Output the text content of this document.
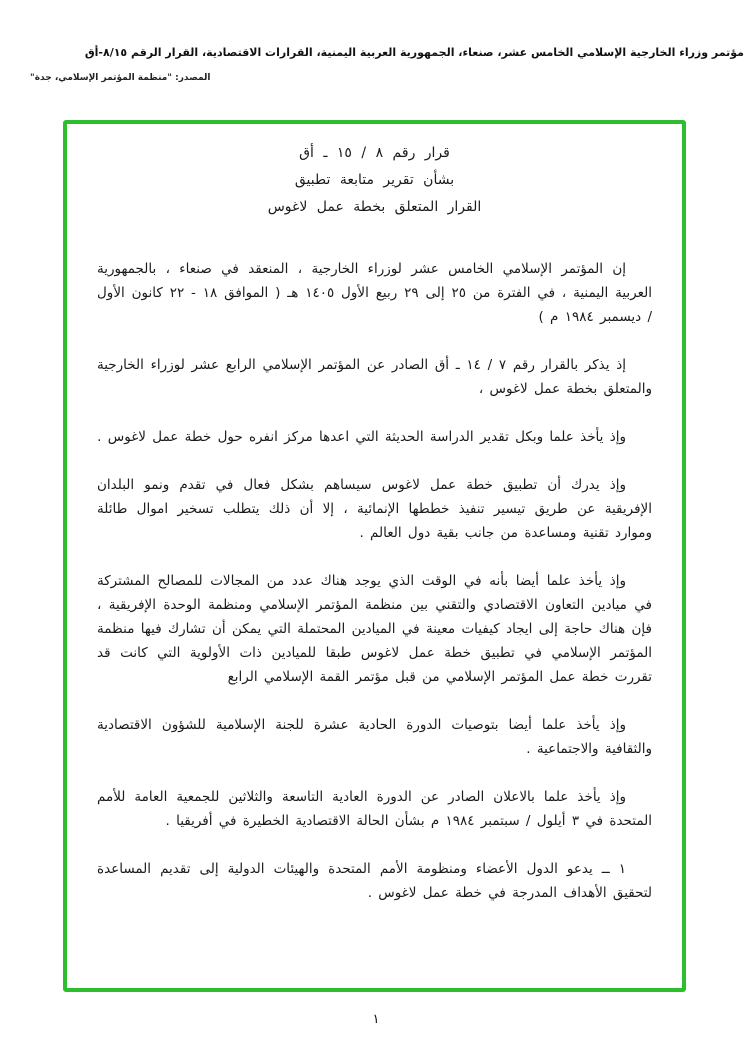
مؤتمر وزراء الخارجية الإسلامي الخامس عشر، صنعاء، الجمهورية العربية اليمنية، القرارات الاقتصادية، القرار الرقم ٨/١٥-أق
المصدر: "منظمة المؤتمر الإسلامي، جدة"
قرار رقم ٨ / ١٥ ـ أق
بشأن تقرير متابعة تطبيق
القرار المتعلق بخطة عمل لاغوس

إن المؤتمر الإسلامي الخامس عشر لوزراء الخارجية ، المنعقد في صنعاء ، بالجمهورية العربية اليمنية ، في الفترة من ٢٥ إلى ٢٩ ربيع الأول ١٤٠٥ هـ ( الموافق ١٨ - ٢٢ كانون الأول / ديسمبر ١٩٨٤ م )

إذ يذكر بالقرار رقم ٧ / ١٤ ـ أق الصادر عن المؤتمر الإسلامي الرابع عشر لوزراء الخارجية والمتعلق بخطة عمل لاغوس ،

وإذ يأخذ علما وبكل تقدير الدراسة الحديثة التي اعدها مركز انفره حول خطة عمل لاغوس .

وإذ يدرك أن تطبيق خطة عمل لاغوس سيساهم بشكل فعال في تقدم ونمو البلدان الإفريقية عن طريق تيسير تنفيذ خططها الإنمائية ، إلا أن ذلك يتطلب تسخير اموال طائلة وموارد تقنية ومساعدة من جانب بقية دول العالم .

وإذ يأخذ علما أيضا بأنه في الوقت الذي يوجد هناك عدد من المجالات للمصالح المشتركة في ميادين التعاون الاقتصادي والتقني بين منظمة المؤتمر الإسلامي ومنظمة الوحدة الإفريقية ، فإن هناك حاجة إلى ايجاد كيفيات معينة في الميادين المحتملة التي يمكن أن تشارك فيها منظمة المؤتمر الإسلامي في تطبيق خطة عمل لاغوس طبقا للميادين ذات الأولوية التي كانت قد تقررت خطة عمل المؤتمر الإسلامي من قبل مؤتمر القمة الإسلامي الرابع

وإذ يأخذ علما أيضا بتوصيات الدورة الحادية عشرة للجنة الإسلامية للشؤون الاقتصادية والثقافية والاجتماعية .

وإذ يأخذ علما بالاعلان الصادر عن الدورة العادية التاسعة والثلاثين للجمعية العامة للأمم المتحدة في ٣ أيلول / سبتمبر ١٩٨٤ م بشأن الحالة الاقتصادية الخطيرة في أفريقيا .

١ ــ يدعو الدول الأعضاء ومنظومة الأمم المتحدة والهيئات الدولية إلى تقديم المساعدة لتحقيق الأهداف المدرجة في خطة عمل لاغوس .

١
